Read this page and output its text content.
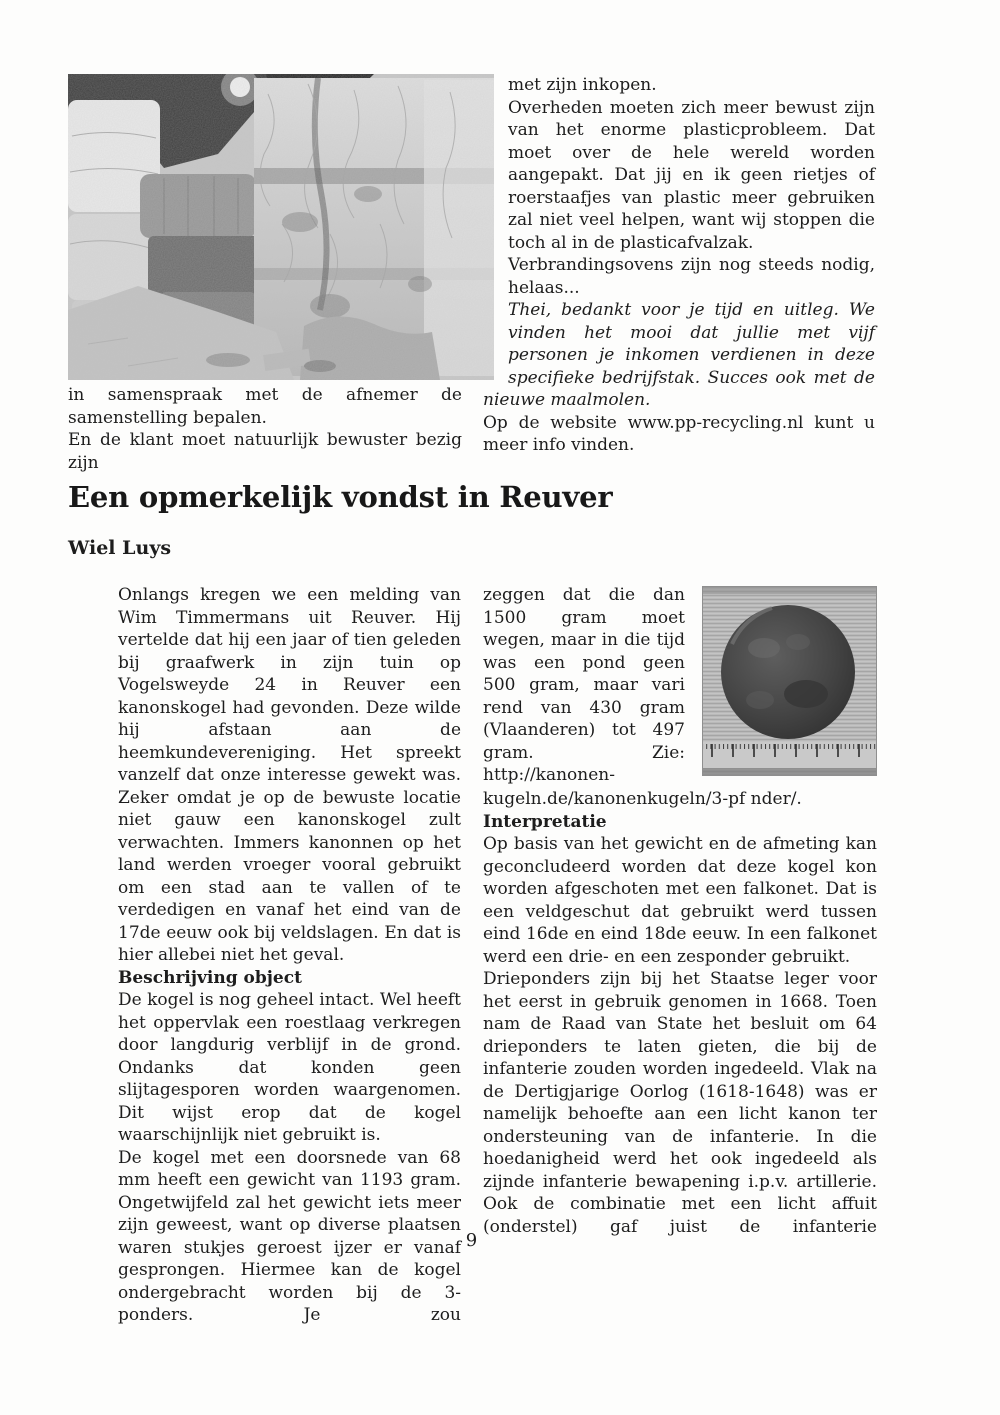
in samenspraak met de afnemer de samenstelling bepalen.

En de klant moet natuurlijk bewuster bezig zijn

met zijn inkopen.

Overheden moeten zich meer bewust zijn van het enorme plasticprobleem. Dat moet over de hele wereld worden aangepakt. Dat jij en ik geen rietjes of roerstaafjes van plastic meer gebruiken zal niet veel helpen, want wij stoppen die toch al in de plasticafvalzak.

Verbrandingsovens zijn nog steeds nodig, helaas...

Thei, bedankt voor je tijd en uitleg. We vinden het mooi dat jullie met vijf personen je inkomen verdienen in deze specifieke bedrijfstak. Succes ook met de nieuwe maalmolen.

Op de website www.pp-recycling.nl kunt u meer info vinden.

Een opmerkelijk vondst in Reuver
Wiel Luys

Onlangs kregen we een melding van Wim Timmermans uit Reuver. Hij vertelde dat hij een jaar of tien geleden bij graafwerk in zijn tuin op Vogelsweyde 24 in Reuver een kanonskogel had gevonden. Deze wilde hij afstaan aan de heemkundevereniging. Het spreekt vanzelf dat onze interesse gewekt was. Zeker omdat je op de bewuste locatie niet gauw een kanonskogel zult verwachten. Immers kanonnen op het land werden vroeger vooral gebruikt om een stad aan te vallen of te verdedigen en vanaf het eind van de 17de eeuw ook bij veldslagen. En dat is hier allebei niet het geval.

Beschrijving object

De kogel is nog geheel intact. Wel heeft het oppervlak een roestlaag verkregen door langdurig verblijf in de grond. Ondanks dat konden geen slijtagesporen worden waargenomen. Dit wijst erop dat de kogel waarschijnlijk niet gebruikt is.

De kogel met een doorsnede van 68 mm heeft een gewicht van 1193 gram. Ongetwijfeld zal het gewicht iets meer zijn geweest, want op diverse plaatsen waren stukjes geroest ijzer er vanaf gesprongen. Hiermee kan de kogel ondergebracht worden bij de 3-ponders. Je zou

zeggen dat die dan 1500 gram moet wegen, maar in die tijd was een pond geen 500 gram, maar vari rend van 430 gram (Vlaanderen) tot 497 gram. Zie: http://kanonen-kugeln.de/kanonenkugeln/3-pf nder/.

Interpretatie

Op basis van het gewicht en de afmeting kan geconcludeerd worden dat deze kogel kon worden afgeschoten met een falkonet. Dat is een veldgeschut dat gebruikt werd tussen eind 16de en eind 18de eeuw. In een falkonet werd een drie- en een zesponder gebruikt.

Drieponders zijn bij het Staatse leger voor het eerst in gebruik genomen in 1668. Toen nam de Raad van State het besluit om 64 drieponders te laten gieten, die bij de infanterie zouden worden ingedeeld. Vlak na de Dertigjarige Oorlog (1618-1648) was er namelijk behoefte aan een licht kanon ter ondersteuning van de infanterie. In die hoedanigheid werd het ook ingedeeld als zijnde infanterie bewapening i.p.v. artillerie. Ook de combinatie met een licht affuit (onderstel) gaf juist de infanterie

9
